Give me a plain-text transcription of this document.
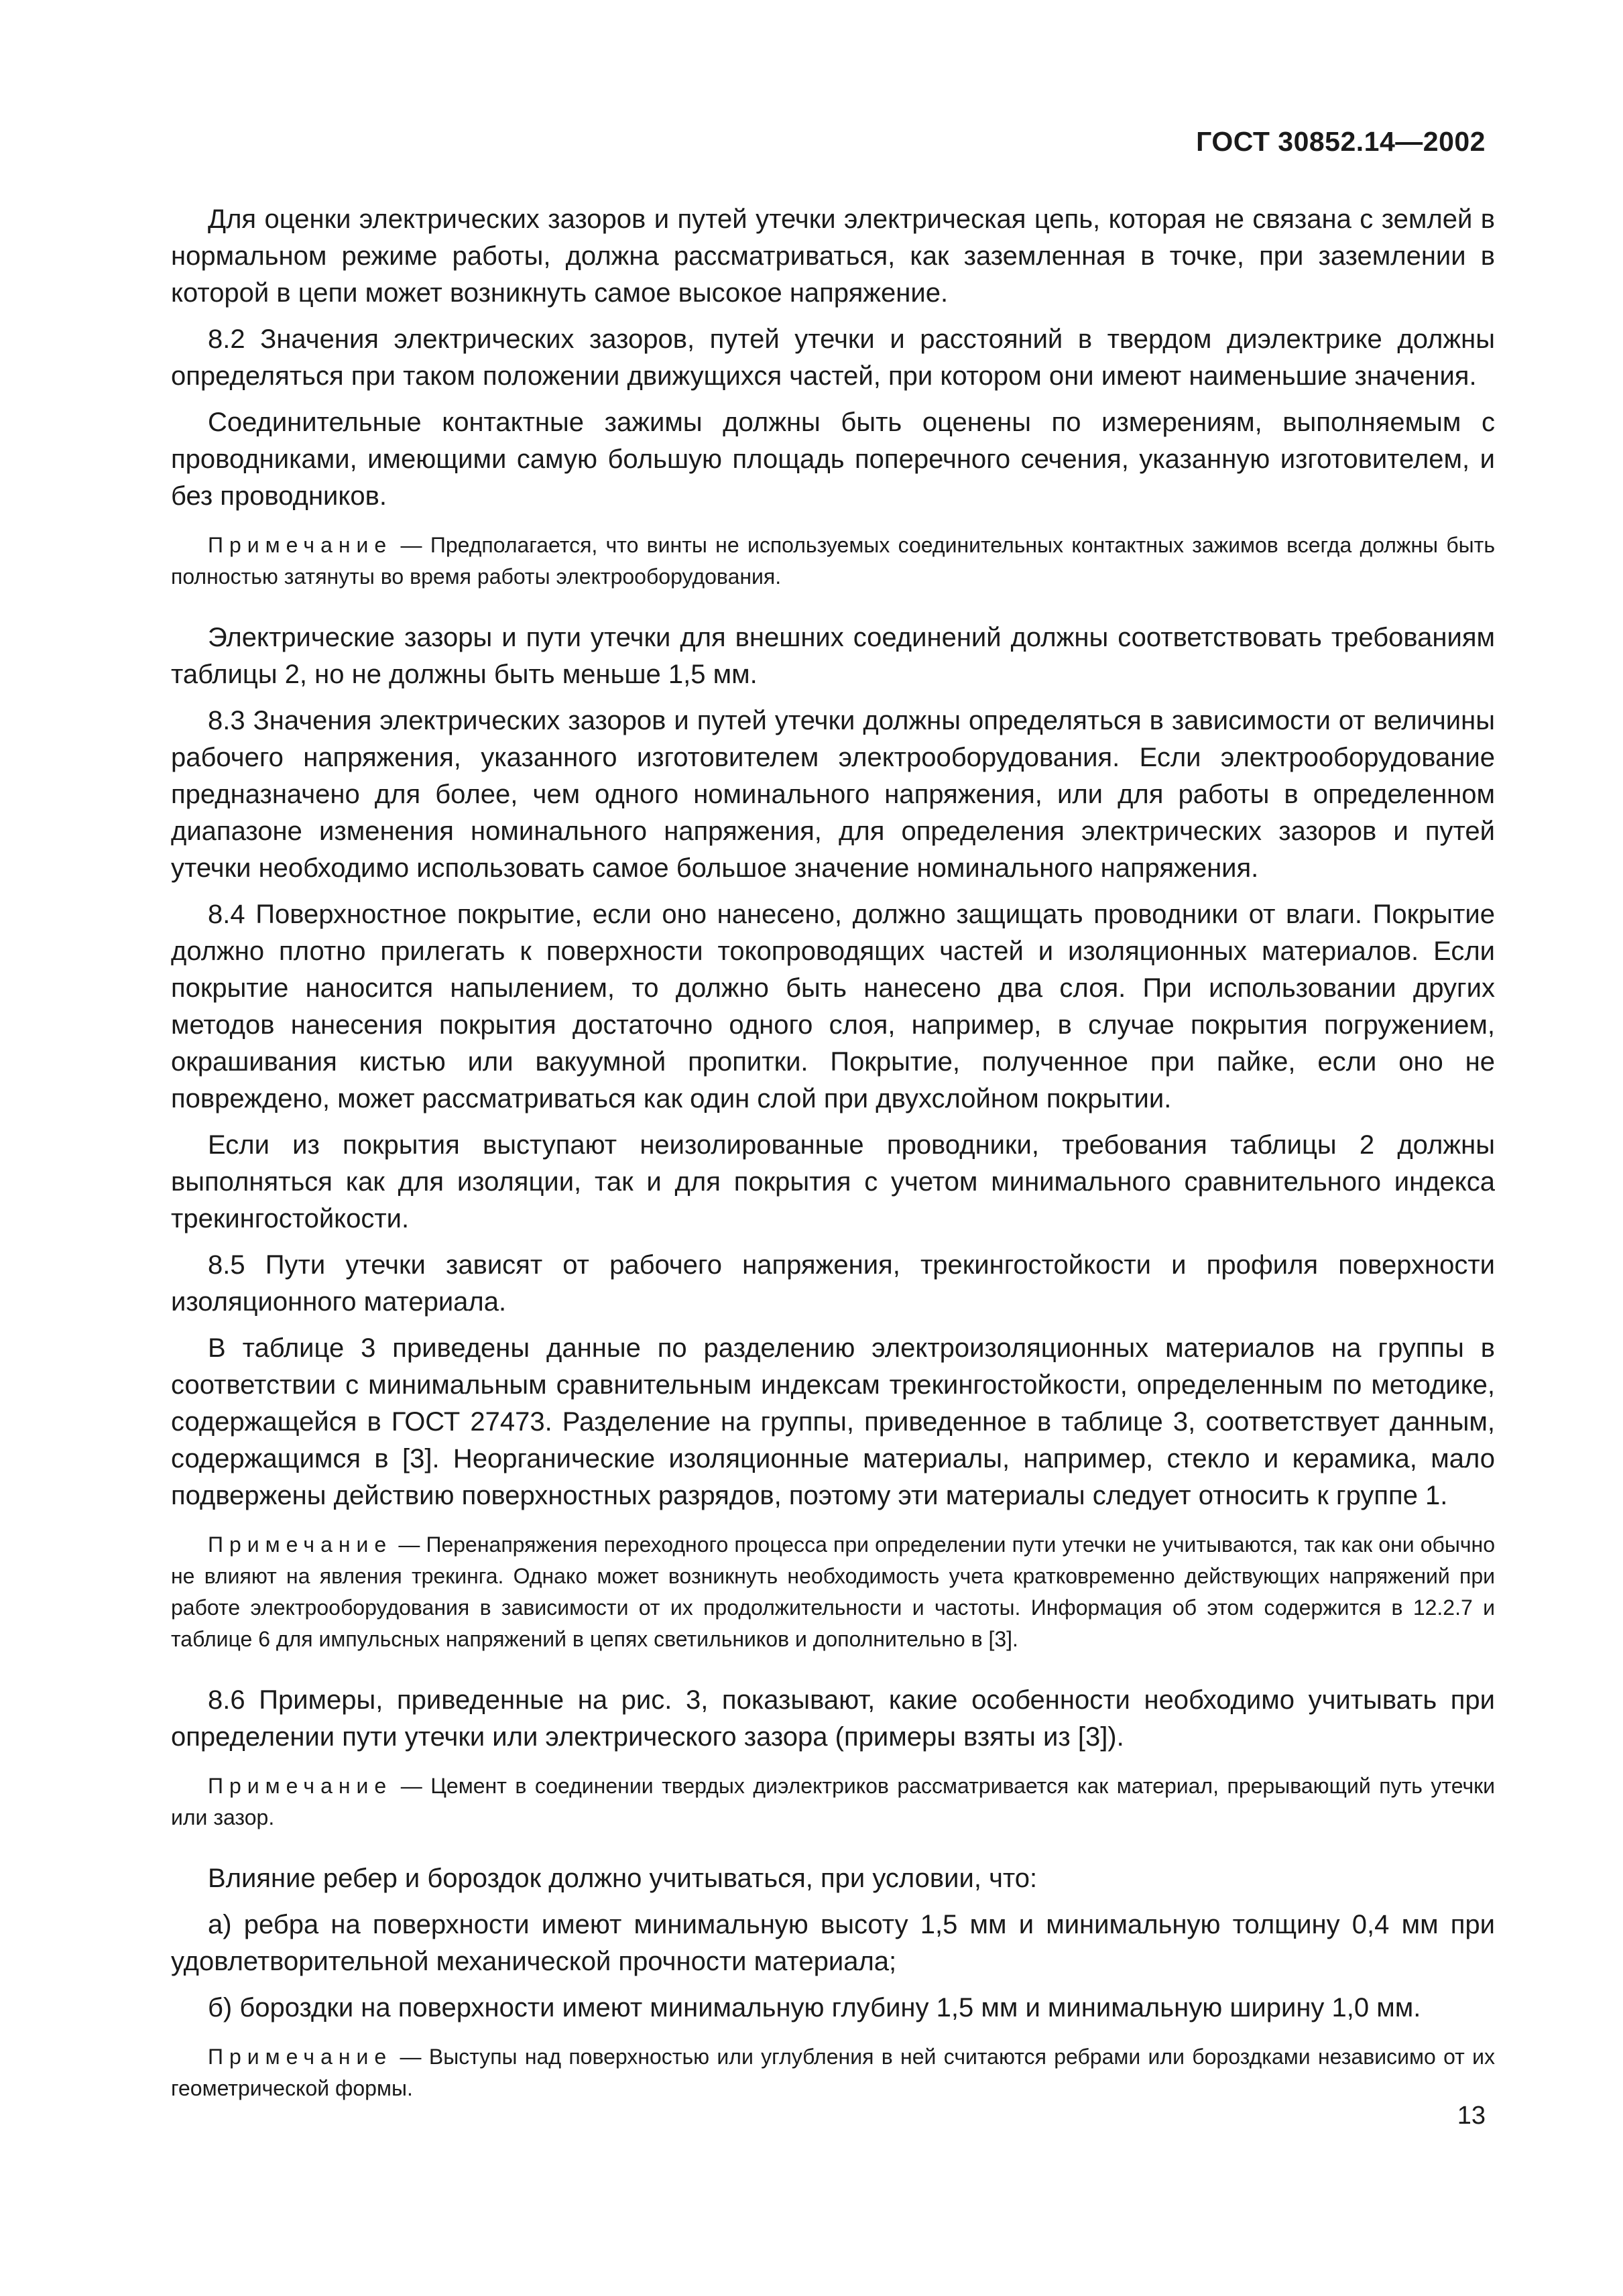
ГОСТ 30852.14—2002

Для оценки электрических зазоров и путей утечки электрическая цепь, которая не связана с землей в нормальном режиме работы, должна рассматриваться, как заземленная в точке, при заземлении в которой в цепи может возникнуть самое высокое напряжение.

8.2 Значения электрических зазоров, путей утечки и расстояний в твердом диэлектрике должны определяться при таком положении движущихся частей, при котором они имеют наименьшие значения.

Соединительные контактные зажимы должны быть оценены по измерениям, выполняемым с проводниками, имеющими самую большую площадь поперечного сечения, указанную изготовителем, и без проводников.

Примечание — Предполагается, что винты не используемых соединительных контактных зажимов всегда должны быть полностью затянуты во время работы электрооборудования.

Электрические зазоры и пути утечки для внешних соединений должны соответствовать требованиям таблицы 2, но не должны быть меньше 1,5 мм.

8.3 Значения электрических зазоров и путей утечки должны определяться в зависимости от величины рабочего напряжения, указанного изготовителем электрооборудования. Если электрооборудование предназначено для более, чем одного номинального напряжения, или для работы в определенном диапазоне изменения номинального напряжения, для определения электрических зазоров и путей утечки необходимо использовать самое большое значение номинального напряжения.

8.4 Поверхностное покрытие, если оно нанесено, должно защищать проводники от влаги. Покрытие должно плотно прилегать к поверхности токопроводящих частей и изоляционных материалов. Если покрытие наносится напылением, то должно быть нанесено два слоя. При использовании других методов нанесения покрытия достаточно одного слоя, например, в случае покрытия погружением, окрашивания кистью или вакуумной пропитки. Покрытие, полученное при пайке, если оно не повреждено, может рассматриваться как один слой при двухслойном покрытии.

Если из покрытия выступают неизолированные проводники, требования таблицы 2 должны выполняться как для изоляции, так и для покрытия с учетом минимального сравнительного индекса трекингостойкости.

8.5 Пути утечки зависят от рабочего напряжения, трекингостойкости и профиля поверхности изоляционного материала.

В таблице 3 приведены данные по разделению электроизоляционных материалов на группы в соответствии с минимальным сравнительным индексам трекингостойкости, определенным по методике, содержащейся в ГОСТ 27473. Разделение на группы, приведенное в таблице 3, соответствует данным, содержащимся в [3]. Неорганические изоляционные материалы, например, стекло и керамика, мало подвержены действию поверхностных разрядов, поэтому эти материалы следует относить к группе 1.

Примечание — Перенапряжения переходного процесса при определении пути утечки не учитываются, так как они обычно не влияют на явления трекинга. Однако может возникнуть необходимость учета кратковременно действующих напряжений при работе электрооборудования в зависимости от их продолжительности и частоты. Информация об этом содержится в 12.2.7 и таблице 6 для импульсных напряжений в цепях светильников и дополнительно в [3].

8.6 Примеры, приведенные на рис. 3, показывают, какие особенности необходимо учитывать при определении пути утечки или электрического зазора (примеры взяты из [3]).

Примечание — Цемент в соединении твердых диэлектриков рассматривается как материал, прерывающий путь утечки или зазор.

Влияние ребер и бороздок должно учитываться, при условии, что:

а) ребра на поверхности имеют минимальную высоту 1,5 мм и минимальную толщину 0,4 мм при удовлетворительной механической прочности материала;

б) бороздки на поверхности имеют минимальную глубину 1,5 мм и минимальную ширину 1,0 мм.

Примечание — Выступы над поверхностью или углубления в ней считаются ребрами или бороздками независимо от их геометрической формы.

13
